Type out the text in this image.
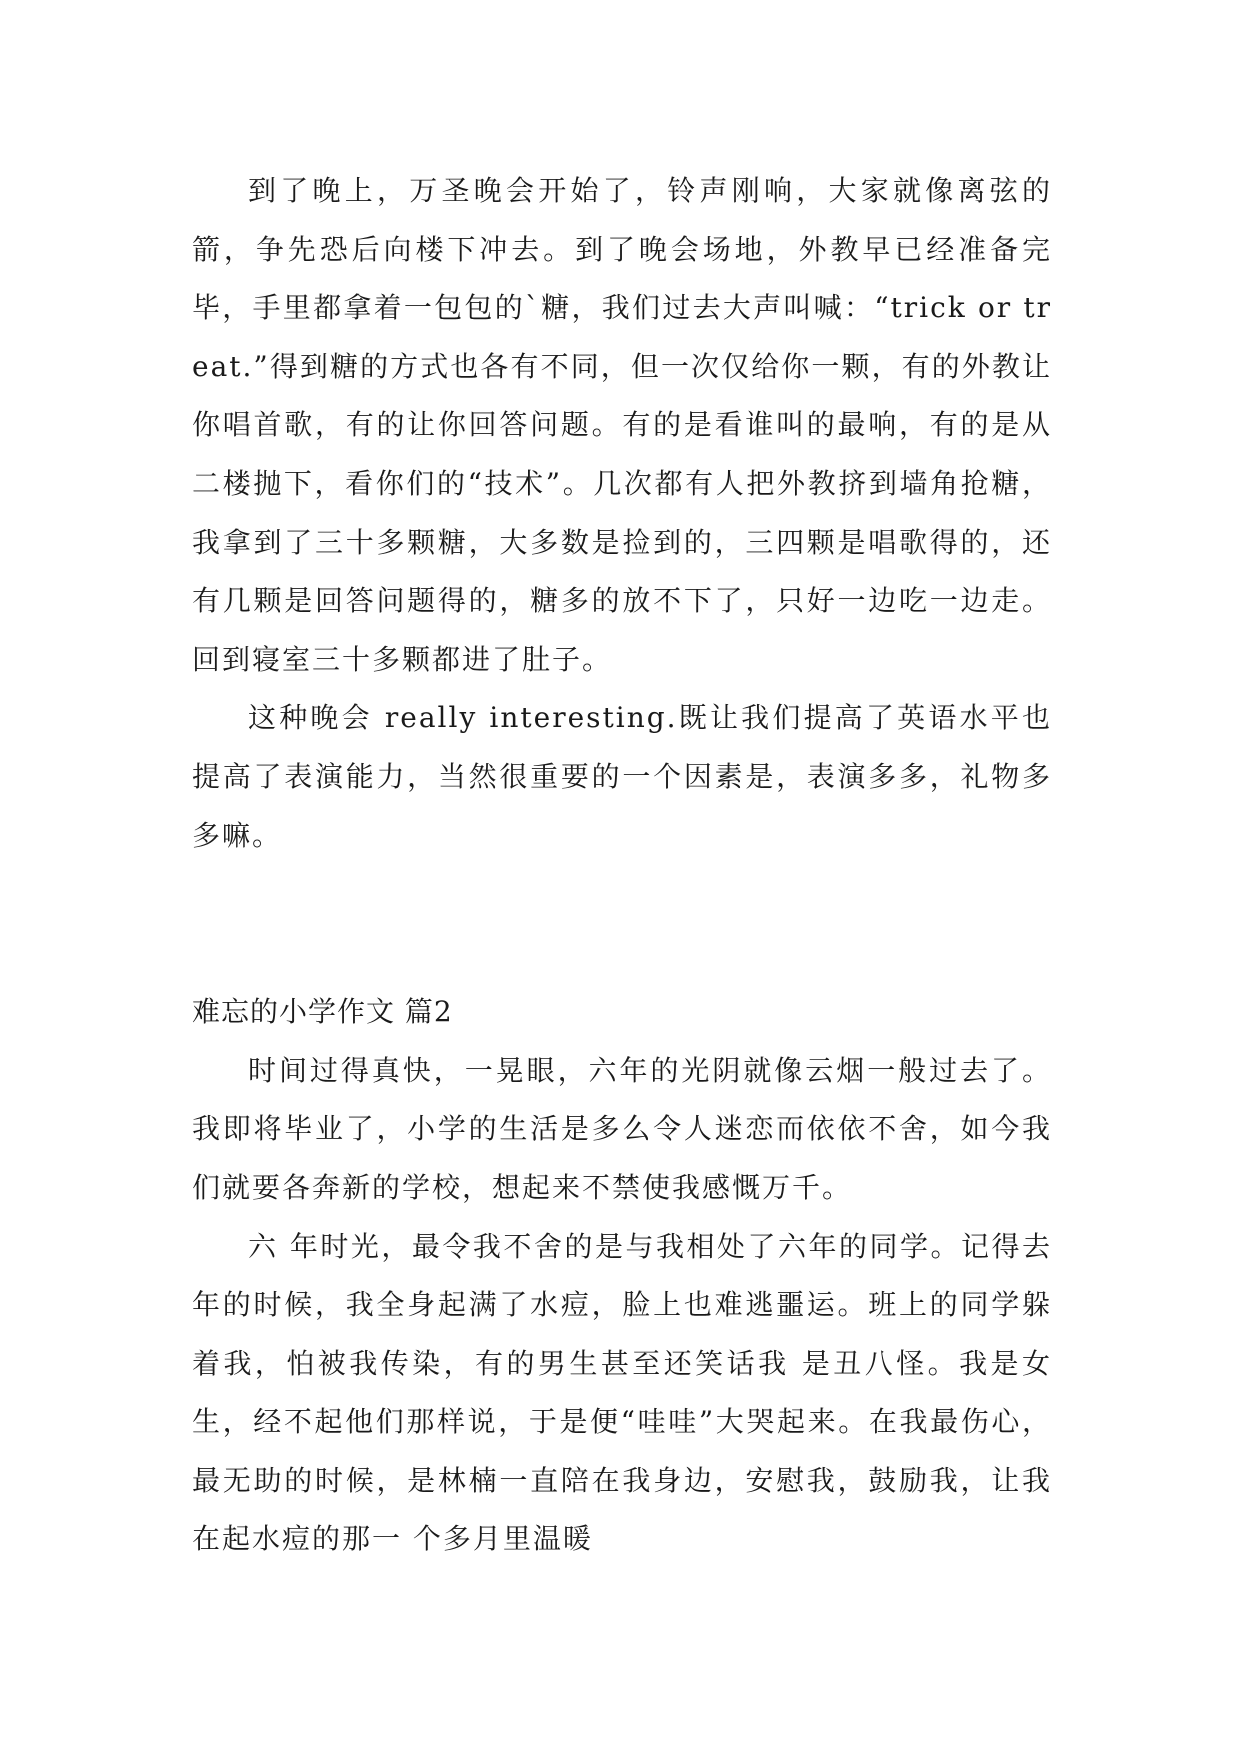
到了晚上，万圣晚会开始了，铃声刚响，大家就像离弦的箭，争先恐后向楼下冲去。到了晚会场地，外教早已经准备完毕，手里都拿着一包包的`糖，我们过去大声叫喊：“trick or treat.”得到糖的方式也各有不同，但一次仅给你一颗，有的外教让你唱首歌，有的让你回答问题。有的是看谁叫的最响，有的是从二楼抛下，看你们的“技术”。几次都有人把外教挤到墙角抢糖，我拿到了三十多颗糖，大多数是捡到的，三四颗是唱歌得的，还有几颗是回答问题得的，糖多的放不下了，只好一边吃一边走。回到寝室三十多颗都进了肚子。

这种晚会 really interesting.既让我们提高了英语水平也提高了表演能力，当然很重要的一个因素是，表演多多，礼物多多嘛。

难忘的小学作文 篇2

时间过得真快，一晃眼，六年的光阴就像云烟一般过去了。我即将毕业了，小学的生活是多么令人迷恋而依依不舍，如今我们就要各奔新的学校，想起来不禁使我感慨万千。

六 年时光，最令我不舍的是与我相处了六年的同学。记得去年的时候，我全身起满了水痘，脸上也难逃噩运。班上的同学躲着我，怕被我传染，有的男生甚至还笑话我 是丑八怪。我是女生，经不起他们那样说，于是便“哇哇”大哭起来。在我最伤心，最无助的时候，是林楠一直陪在我身边，安慰我，鼓励我，让我在起水痘的那一 个多月里温暖
